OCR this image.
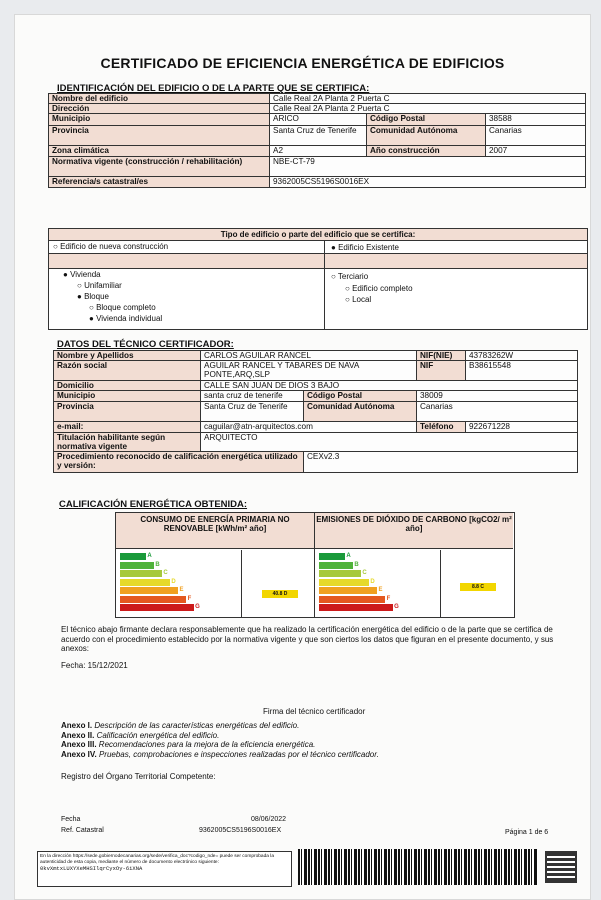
CERTIFICADO DE EFICIENCIA ENERGÉTICA DE EDIFICIOS
IDENTIFICACIÓN DEL EDIFICIO O DE LA PARTE QUE SE CERTIFICA:
Nombre del edificio	Calle Real 2A Planta 2 Puerta C		
Dirección	Calle Real 2A Planta 2 Puerta C		
Municipio	ARICO	Código Postal	38588
Provincia	Santa Cruz de Tenerife	Comunidad Autónoma	Canarias
Zona climática	A2	Año construcción	2007
Normativa vigente (construcción / rehabilitación)	NBE-CT-79		
Referencia/s catastral/es	9362005CS5196S0016EX		
Tipo de edificio o parte del edificio que se certifica:
○ Edificio de nueva construcción	● Edificio Existente
● Vivienda
○ Unifamiliar
● Bloque
○ Bloque completo
● Vivienda individual
○ Terciario
○ Edificio completo
○ Local
DATOS DEL TÉCNICO CERTIFICADOR:
Nombre y Apellidos	CARLOS AGUILAR RANCEL		NIF(NIE)	43783262W
Razón social	AGUILAR RANCEL Y TABARES DE NAVA PONTE,ARQ,SLP		NIF	B38615548
Domicilio	CALLE SAN JUAN DE DIOS 3 BAJO			
Municipio	santa cruz de tenerife	Código Postal	38009	
Provincia	Santa Cruz de Tenerife	Comunidad Autónoma	Canarias	
e-mail:	caguilar@atn-arquitectos.com		Teléfono	922671228
Titulación habilitante según normativa vigente	ARQUITECTO			
Procedimiento reconocido de calificación energética utilizado y versión:		CEXv2.3		
CALIFICACIÓN ENERGÉTICA OBTENIDA:
CONSUMO DE ENERGÍA PRIMARIA NO RENOVABLE [kWh/m² año]
A
B
C
D
E
F
G
40.8 D
EMISIONES DE DIÓXIDO DE CARBONO [kgCO2/ m² año]
A
B
C
D
E
F
G
8.8 C
El técnico abajo firmante declara responsablemente que ha realizado la certificación energética del edificio o de la parte que se certifica de acuerdo con el procedimiento establecido por la normativa vigente y que son ciertos los datos que figuran en el presente documento, y sus anexos:
Fecha: 15/12/2021
Firma del técnico certificador
Anexo I. Descripción de las características energéticas del edificio.
Anexo II. Calificación energética del edificio.
Anexo III. Recomendaciones para la mejora de la eficiencia energética.
Anexo IV. Pruebas, comprobaciones e inspecciones realizadas por el técnico certificador.
Registro del Órgano Territorial Competente:
Fecha	08/06/2022
Ref. Catastral	9362005CS5196S0016EX	Página 1 de 6
En la dirección https://sede.gobiernodecanarias.org/sede/verifica_doc?codigo_nde= puede ser comprobada la autenticidad de esta copia, mediante el número de documento electrónico siguiente:
0kvXmtxLUXYXeMHSIlqrCyxOy-6iXNA
